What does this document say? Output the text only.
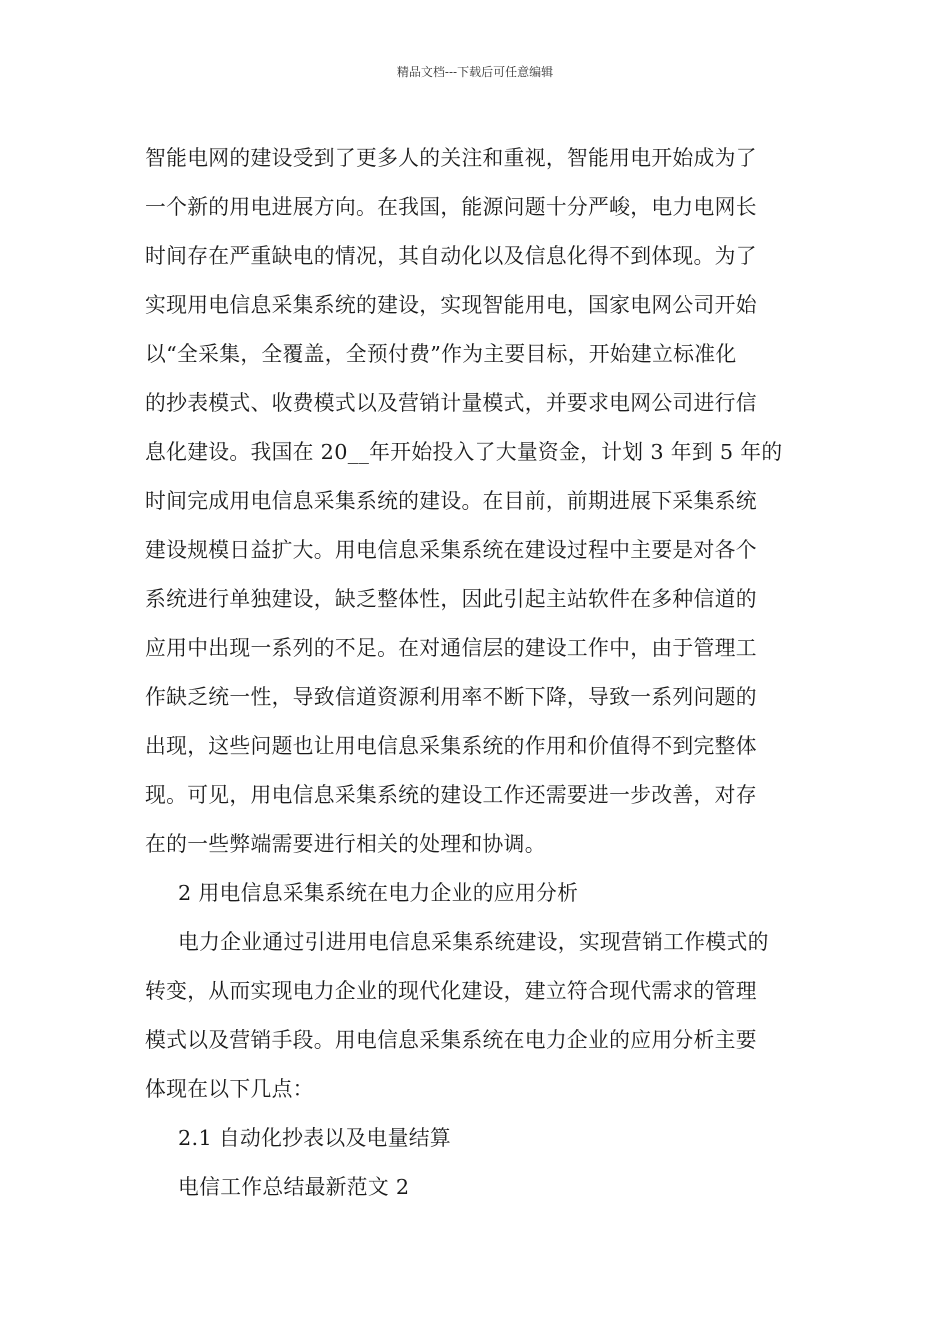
精品文档---下载后可任意编辑
智能电网的建设受到了更多人的关注和重视，智能用电开始成为了
一个新的用电进展方向。在我国，能源问题十分严峻，电力电网长
时间存在严重缺电的情况，其自动化以及信息化得不到体现。为了
实现用电信息采集系统的建设，实现智能用电，国家电网公司开始
以“全采集，全覆盖，全预付费”作为主要目标，开始建立标准化
的抄表模式、收费模式以及营销计量模式，并要求电网公司进行信
息化建设。我国在 20__年开始投入了大量资金，计划 3 年到 5 年的
时间完成用电信息采集系统的建设。在目前，前期进展下采集系统
建设规模日益扩大。用电信息采集系统在建设过程中主要是对各个
系统进行单独建设，缺乏整体性，因此引起主站软件在多种信道的
应用中出现一系列的不足。在对通信层的建设工作中，由于管理工
作缺乏统一性，导致信道资源利用率不断下降，导致一系列问题的
出现，这些问题也让用电信息采集系统的作用和价值得不到完整体
现。可见，用电信息采集系统的建设工作还需要进一步改善，对存
在的一些弊端需要进行相关的处理和协调。
2 用电信息采集系统在电力企业的应用分析
电力企业通过引进用电信息采集系统建设，实现营销工作模式的
转变，从而实现电力企业的现代化建设，建立符合现代需求的管理
模式以及营销手段。用电信息采集系统在电力企业的应用分析主要
体现在以下几点：
2.1 自动化抄表以及电量结算
电信工作总结最新范文 2
